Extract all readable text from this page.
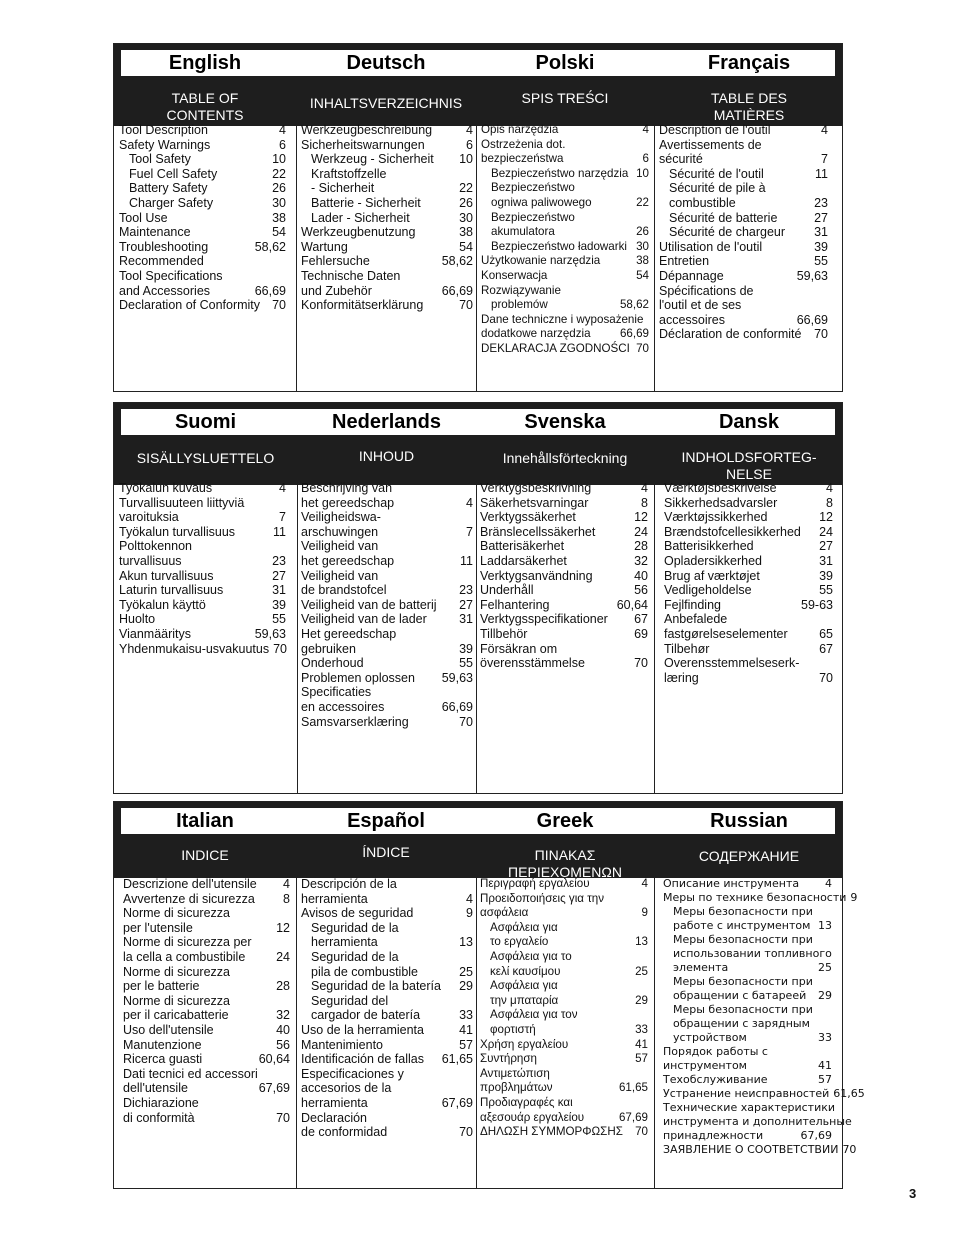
English
TABLE OF
CONTENTS
Tool Description	4
Safety Warnings	6
Tool Safety	10
Fuel Cell Safety	22
Battery Safety	26
Charger Safety	30
Tool Use	38
Maintenance	54
Troubleshooting	58,62
Recommended
Tool Specifications
and Accessories	66,69
Declaration of Conformity 70
Deutsch
INHALTSVERZEICHNIS
Werkzeugbeschreibung	4
Sicherheitswarnungen	6
Werkzeug - Sicherheit	10
Kraftstoffzelle
- Sicherheit	22
Batterie - Sicherheit	26
Lader - Sicherheit	30
Werkzeugbenutzung	38
Wartung	54
Fehlersuche	58,62
Technische Daten
und Zubehör	66,69
Konformitätserklärung	70
Polski
SPIS TREŚCI
Opis narzędzia	4
Ostrzeżenia dot.
bezpieczeństwa	6
Bezpieczeństwo narzędzia 10
Bezpieczeństwo
ogniwa paliwowego	22
Bezpieczeństwo
akumulatora	26
Bezpieczeństwo ładowarki 30
Użytkowanie narzędzia	38
Konserwacja	54
Rozwiązywanie
problemów	58,62
Dane techniczne i wyposażenie
dodatkowe narzędzia	66,69
DEKLARACJA ZGODNOŚCI 70
Français
TABLE DES
MATIÈRES
Description de l'outil	4
Avertissements de
sécurité	7
Sécurité de l'outil	11
Sécurité de pile à
combustible	23
Sécurité de batterie	27
Sécurité de chargeur	31
Utilisation de l'outil	39
Entretien	55
Dépannage	59,63
Spécifications de
l'outil et de ses
accessoires	66,69
Déclaration de conformité	70
Suomi
SISÄLLYSLUETTELO
Työkalun kuvaus	4
Turvallisuuteen liittyviä
varoituksia	7
Työkalun turvallisuus	11
Polttokennon
turvallisuus	23
Akun turvallisuus	27
Laturin turvallisuus	31
Työkalun käyttö	39
Huolto	55
Vianmääritys	59,63
Yhdenmukaisu-usvakuutus 70
Nederlands
INHOUD
Beschrijving van
het gereedschap	4
Veiligheidswa-
arschuwingen	7
Veiligheid van
het gereedschap	11
Veiligheid van
de brandstofcel	23
Veiligheid van de batterij	27
Veiligheid van de lader	31
Het gereedschap
gebruiken	39
Onderhoud	55
Problemen oplossen	59,63
Specificaties
en accessoires	66,69
Samsvarserklæring	70
Svenska
Innehållsförteckning
Verktygsbeskrivning	4
Säkerhetsvarningar	8
Verktygssäkerhet	12
Bränslecellssäkerhet	24
Batterisäkerhet	28
Laddarsäkerhet	32
Verktygsanvändning	40
Underhåll	56
Felhantering	60,64
Verktygsspecifikationer	67
Tillbehör	69
Försäkran om
överensstämmelse	70
Dansk
INDHOLDSFORTEG-
NELSE
Værktøjsbeskrivelse	4
Sikkerhedsadvarsler	8
Værktøjssikkerhed	12
Brændstofcellesikkerhed	24
Batterisikkerhed	27
Opladersikkerhed	31
Brug af værktøjet	39
Vedligeholdelse	55
Fejlfinding	59-63
Anbefalede
fastgørelseselementer	65
Tilbehør	67
Overensstemmelseserk-
læring	70
Italian
INDICE
Descrizione dell'utensile	4
Avvertenze di sicurezza	8
Norme di sicurezza
per l'utensile	12
Norme di sicurezza per
la cella a combustibile	24
Norme di sicurezza
per le batterie	28
Norme di sicurezza
per il caricabatterie	32
Uso dell'utensile	40
Manutenzione	56
Ricerca guasti	60,64
Dati tecnici ed accessori
dell'utensile	67,69
Dichiarazione
di conformità	70
Español
ÍNDICE
Descripción de la
herramienta	4
Avisos de seguridad	9
Seguridad de la
herramienta	13
Seguridad de la
pila de combustible	25
Seguridad de la batería	29
Seguridad del
cargador de batería	33
Uso de la herramienta	41
Mantenimiento	57
Identificación de fallas	61,65
Especificaciones y
accesorios de la
herramienta	67,69
Declaración
de conformidad	70
Greek
ΠΙΝΑΚΑΣ
ΠΕΡΙΕΧΟΜΕΝΩΝ
Περιγραφή εργαλείου	4
Προειδοποιήσεις για την
ασφάλεια	9
Ασφάλεια για
το εργαλείο	13
Ασφάλεια για το
κελί καυσίμου	25
Ασφάλεια για
την μπαταρία	29
Ασφάλεια για τον
φορτιστή	33
Χρήση εργαλείου	41
Συντήρηση	57
Αντιμετώπιση
προβλημάτων	61,65
Προδιαγραφές και
αξεσουάρ εργαλείου	67,69
ΔΗΛΩΣΗ ΣΥΜΜΟΡΦΩΣΗΣ	70
Russian
СОДЕРЖАНИЕ
Описание инструмента	4
Меры по технике безопасности 9
Меры безопасности при
работе с инструментом 13
Меры безопасности при
использовании топливного
элемента	25
Меры безопасности при
обращении с батареей	29
Меры безопасности при
обращении с зарядным
устройством	33
Порядок работы с
инструментом	41
Техобслуживание	57
Устранение неисправностей 61,65
Технические характеристики
инструмента и дополнительные
принадлежности	67,69
ЗАЯВЛЕНИЕ О СООТВЕТСТВИИ 70
3
